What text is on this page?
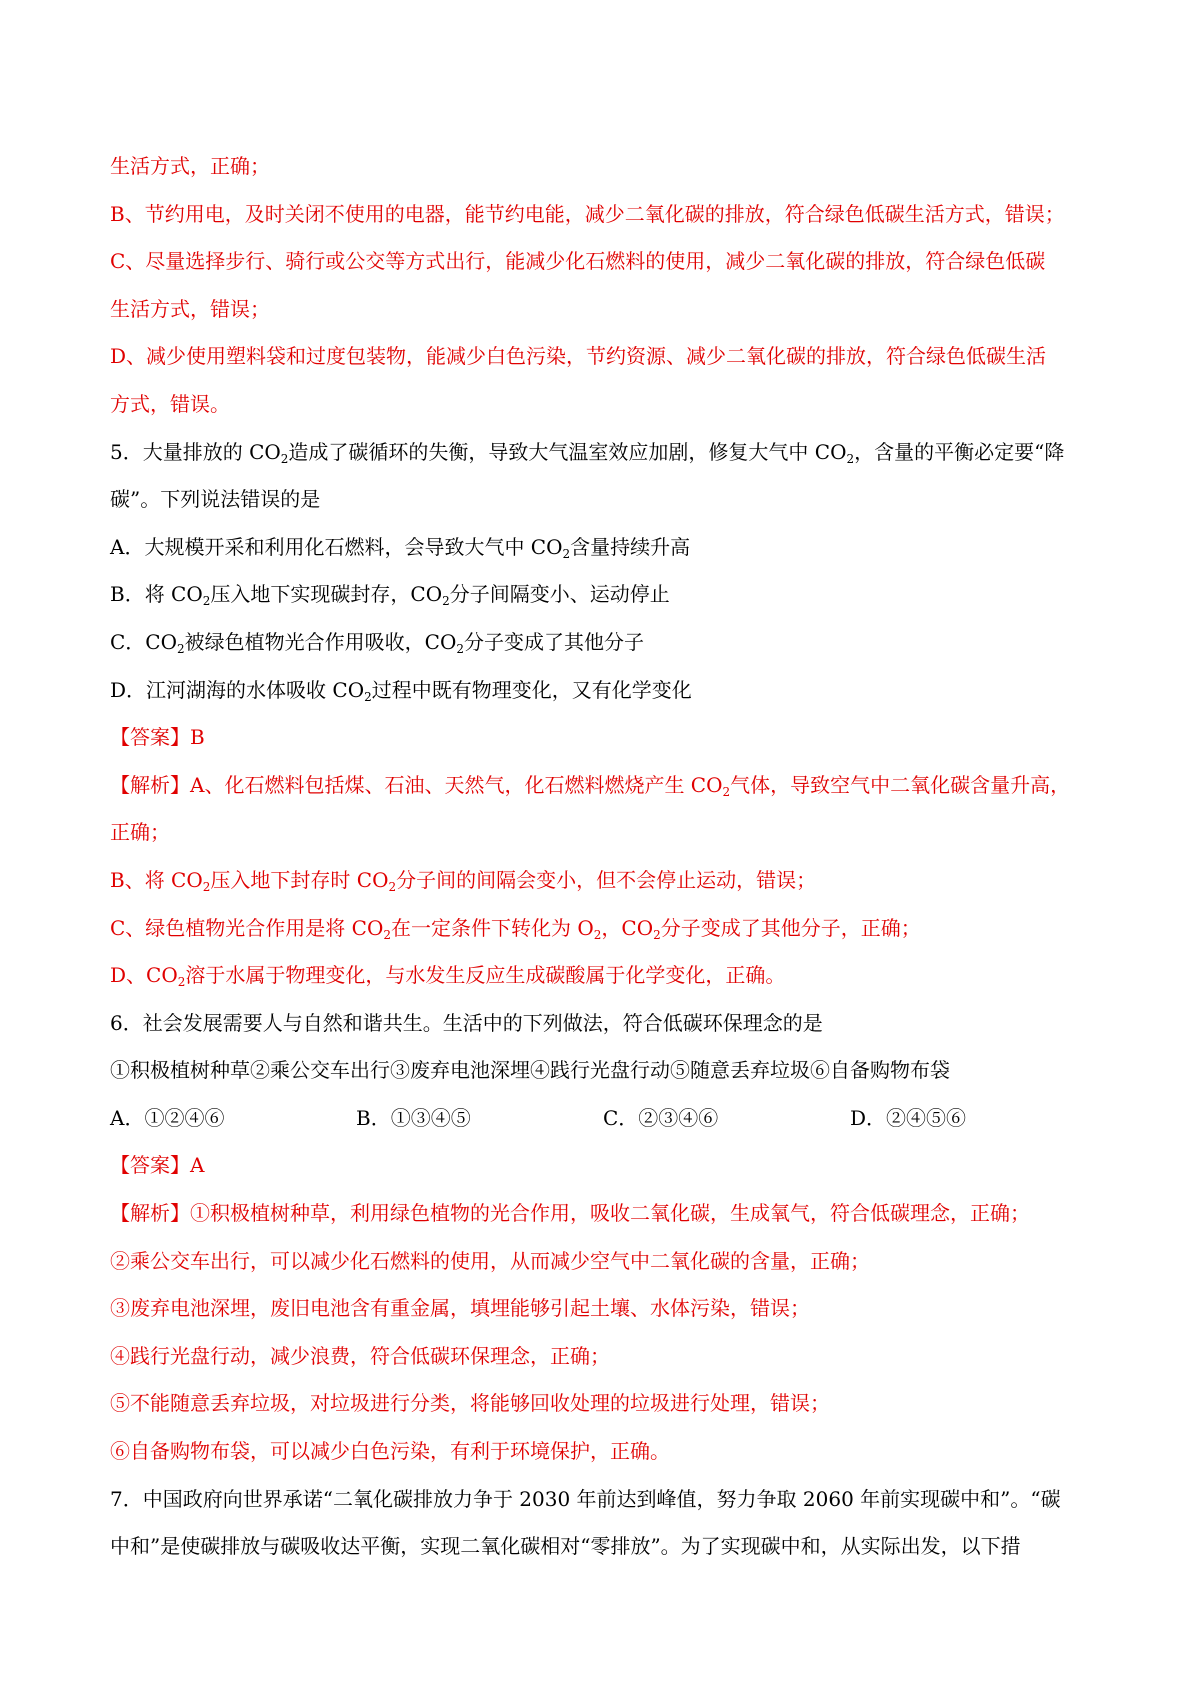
生活方式，正确；
B、节约用电，及时关闭不使用的电器，能节约电能，减少二氧化碳的排放，符合绿色低碳生活方式，错误；
C、尽量选择步行、骑行或公交等方式出行，能减少化石燃料的使用，减少二氧化碳的排放，符合绿色低碳
生活方式，错误；
D、减少使用塑料袋和过度包装物，能减少白色污染，节约资源、减少二氧化碳的排放，符合绿色低碳生活
方式，错误。
5．大量排放的 $CO_2$造成了碳循环的失衡，导致大气温室效应加剧，修复大气中 $CO_2$，含量的平衡必定要“降
碳”。下列说法错误的是
A．大规模开采和利用化石燃料，会导致大气中 $CO_2$含量持续升高
B．将 $CO_2$压入地下实现碳封存，$CO_2$分子间隔变小、运动停止
C．$CO_2$被绿色植物光合作用吸收，$CO_2$分子变成了其他分子
D．江河湖海的水体吸收 $CO_2$过程中既有物理变化，又有化学变化
【答案】B
【解析】A、化石燃料包括煤、石油、天然气，化石燃料燃烧产生 $CO_2$气体，导致空气中二氧化碳含量升高，
正确；
B、将 $CO_2$压入地下封存时 $CO_2$分子间的间隔会变小，但不会停止运动，错误；
C、绿色植物光合作用是将 $CO_2$在一定条件下转化为 $O_2$，$CO_2$分子变成了其他分子，正确；
D、$CO_2$溶于水属于物理变化，与水发生反应生成碳酸属于化学变化，正确。
6．社会发展需要人与自然和谐共生。生活中的下列做法，符合低碳环保理念的是
①积极植树种草②乘公交车出行③废弃电池深埋④践行光盘行动⑤随意丢弃垃圾⑥自备购物布袋
A．①②④⑥	B．①③④⑤	C．②③④⑥	D．②④⑤⑥
【答案】A
【解析】①积极植树种草，利用绿色植物的光合作用，吸收二氧化碳，生成氧气，符合低碳理念，正确；
②乘公交车出行，可以减少化石燃料的使用，从而减少空气中二氧化碳的含量，正确；
③废弃电池深埋，废旧电池含有重金属，填埋能够引起土壤、水体污染，错误；
④践行光盘行动，减少浪费，符合低碳环保理念，正确；
⑤不能随意丢弃垃圾，对垃圾进行分类，将能够回收处理的垃圾进行处理，错误；
⑥自备购物布袋，可以减少白色污染，有利于环境保护，正确。
7．中国政府向世界承诺“二氧化碳排放力争于 2030 年前达到峰值，努力争取 2060 年前实现碳中和”。“碳
中和”是使碳排放与碳吸收达平衡，实现二氧化碳相对“零排放”。为了实现碳中和，从实际出发，以下措
